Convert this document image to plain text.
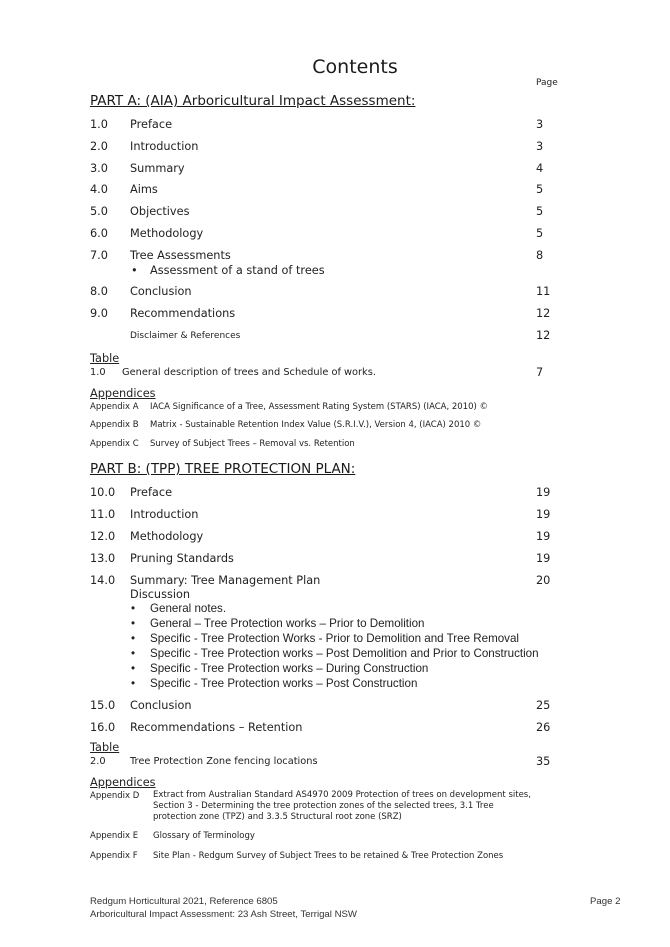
Contents
Page
PART A: (AIA) Arboricultural Impact Assessment:
1.0 Preface	3
2.0 Introduction	3
3.0 Summary	4
4.0 Aims	5
5.0 Objectives	5
6.0 Methodology	5
7.0 Tree Assessments	8
• Assessment of a stand of trees
8.0 Conclusion	11
9.0 Recommendations	12
Disclaimer & References	12
Table
1.0 General description of trees and Schedule of works.	7
Appendices
Appendix A IACA Significance of a Tree, Assessment Rating System (STARS) (IACA, 2010) ©
Appendix B Matrix - Sustainable Retention Index Value (S.R.I.V.), Version 4, (IACA) 2010 ©
Appendix C Survey of Subject Trees – Removal vs. Retention
PART B: (TPP) TREE PROTECTION PLAN:
10.0 Preface	19
11.0 Introduction	19
12.0 Methodology	19
13.0 Pruning Standards	19
14.0 Summary: Tree Management Plan	20
Discussion
• General notes.
• General – Tree Protection works – Prior to Demolition
• Specific - Tree Protection Works - Prior to Demolition and Tree Removal
• Specific - Tree Protection works – Post Demolition and Prior to Construction
• Specific - Tree Protection works – During Construction
• Specific - Tree Protection works – Post Construction
15.0 Conclusion	25
16.0 Recommendations – Retention	26
Table
2.0 Tree Protection Zone fencing locations	35
Appendices
Appendix D Extract from Australian Standard AS4970 2009 Protection of trees on development sites, Section 3 - Determining the tree protection zones of the selected trees, 3.1 Tree protection zone (TPZ) and 3.3.5 Structural root zone (SRZ)
Appendix E Glossary of Terminology
Appendix F Site Plan - Redgum Survey of Subject Trees to be retained & Tree Protection Zones
Redgum Horticultural 2021, Reference 6805
Arboricultural Impact Assessment: 23 Ash Street, Terrigal NSW
Page 2
